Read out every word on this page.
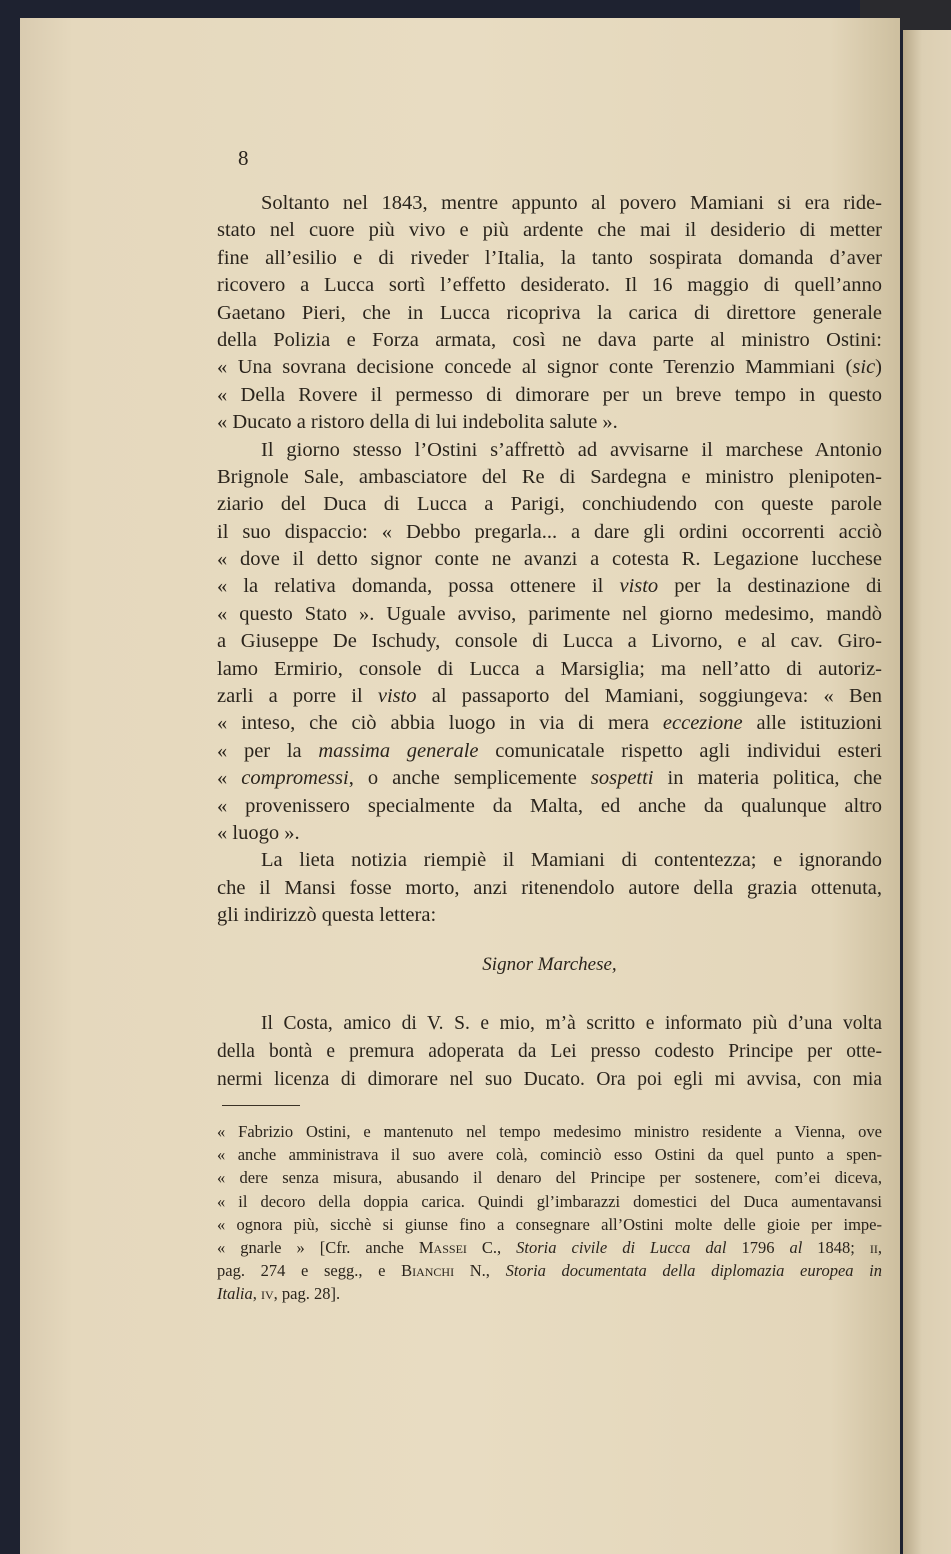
8
Soltanto nel 1843, mentre appunto al povero Mamiani si era ride-
stato nel cuore più vivo e più ardente che mai il desiderio di metter
fine all’esilio e di riveder l’Italia, la tanto sospirata domanda d’aver
ricovero a Lucca sortì l’effetto desiderato. Il 16 maggio di quell’anno
Gaetano Pieri, che in Lucca ricopriva la carica di direttore generale
della Polizia e Forza armata, così ne dava parte al ministro Ostini:
« Una sovrana decisione concede al signor conte Terenzio Mammiani (sic)
« Della Rovere il permesso di dimorare per un breve tempo in questo
« Ducato a ristoro della di lui indebolita salute ».
Il giorno stesso l’Ostini s’affrettò ad avvisarne il marchese Antonio
Brignole Sale, ambasciatore del Re di Sardegna e ministro plenipoten-
ziario del Duca di Lucca a Parigi, conchiudendo con queste parole
il suo dispaccio: « Debbo pregarla... a dare gli ordini occorrenti acciò
« dove il detto signor conte ne avanzi a cotesta R. Legazione lucchese
« la relativa domanda, possa ottenere il visto per la destinazione di
« questo Stato ». Uguale avviso, parimente nel giorno medesimo, mandò
a Giuseppe De Ischudy, console di Lucca a Livorno, e al cav. Giro-
lamo Ermirio, console di Lucca a Marsiglia; ma nell’atto di autoriz-
zarli a porre il visto al passaporto del Mamiani, soggiungeva: « Ben
« inteso, che ciò abbia luogo in via di mera eccezione alle istituzioni
« per la massima generale comunicatale rispetto agli individui esteri
« compromessi, o anche semplicemente sospetti in materia politica, che
« provenissero specialmente da Malta, ed anche da qualunque altro
« luogo ».
La lieta notizia riempiè il Mamiani di contentezza; e ignorando
che il Mansi fosse morto, anzi ritenendolo autore della grazia ottenuta,
gli indirizzò questa lettera:
Signor Marchese,
Il Costa, amico di V. S. e mio, m’à scritto e informato più d’una volta
della bontà e premura adoperata da Lei presso codesto Principe per otte-
nermi licenza di dimorare nel suo Ducato. Ora poi egli mi avvisa, con mia
« Fabrizio Ostini, e mantenuto nel tempo medesimo ministro residente a Vienna, ove
« anche amministrava il suo avere colà, cominciò esso Ostini da quel punto a spen-
« dere senza misura, abusando il denaro del Principe per sostenere, com’ei diceva,
« il decoro della doppia carica. Quindi gl’imbarazzi domestici del Duca aumentavansi
« ognora più, sicchè si giunse fino a consegnare all’Ostini molte delle gioie per impe-
« gnarle » [Cfr. anche Massei C., Storia civile di Lucca dal 1796 al 1848; ii,
pag. 274 e segg., e Bianchi N., Storia documentata della diplomazia europea in
Italia, iv, pag. 28].
